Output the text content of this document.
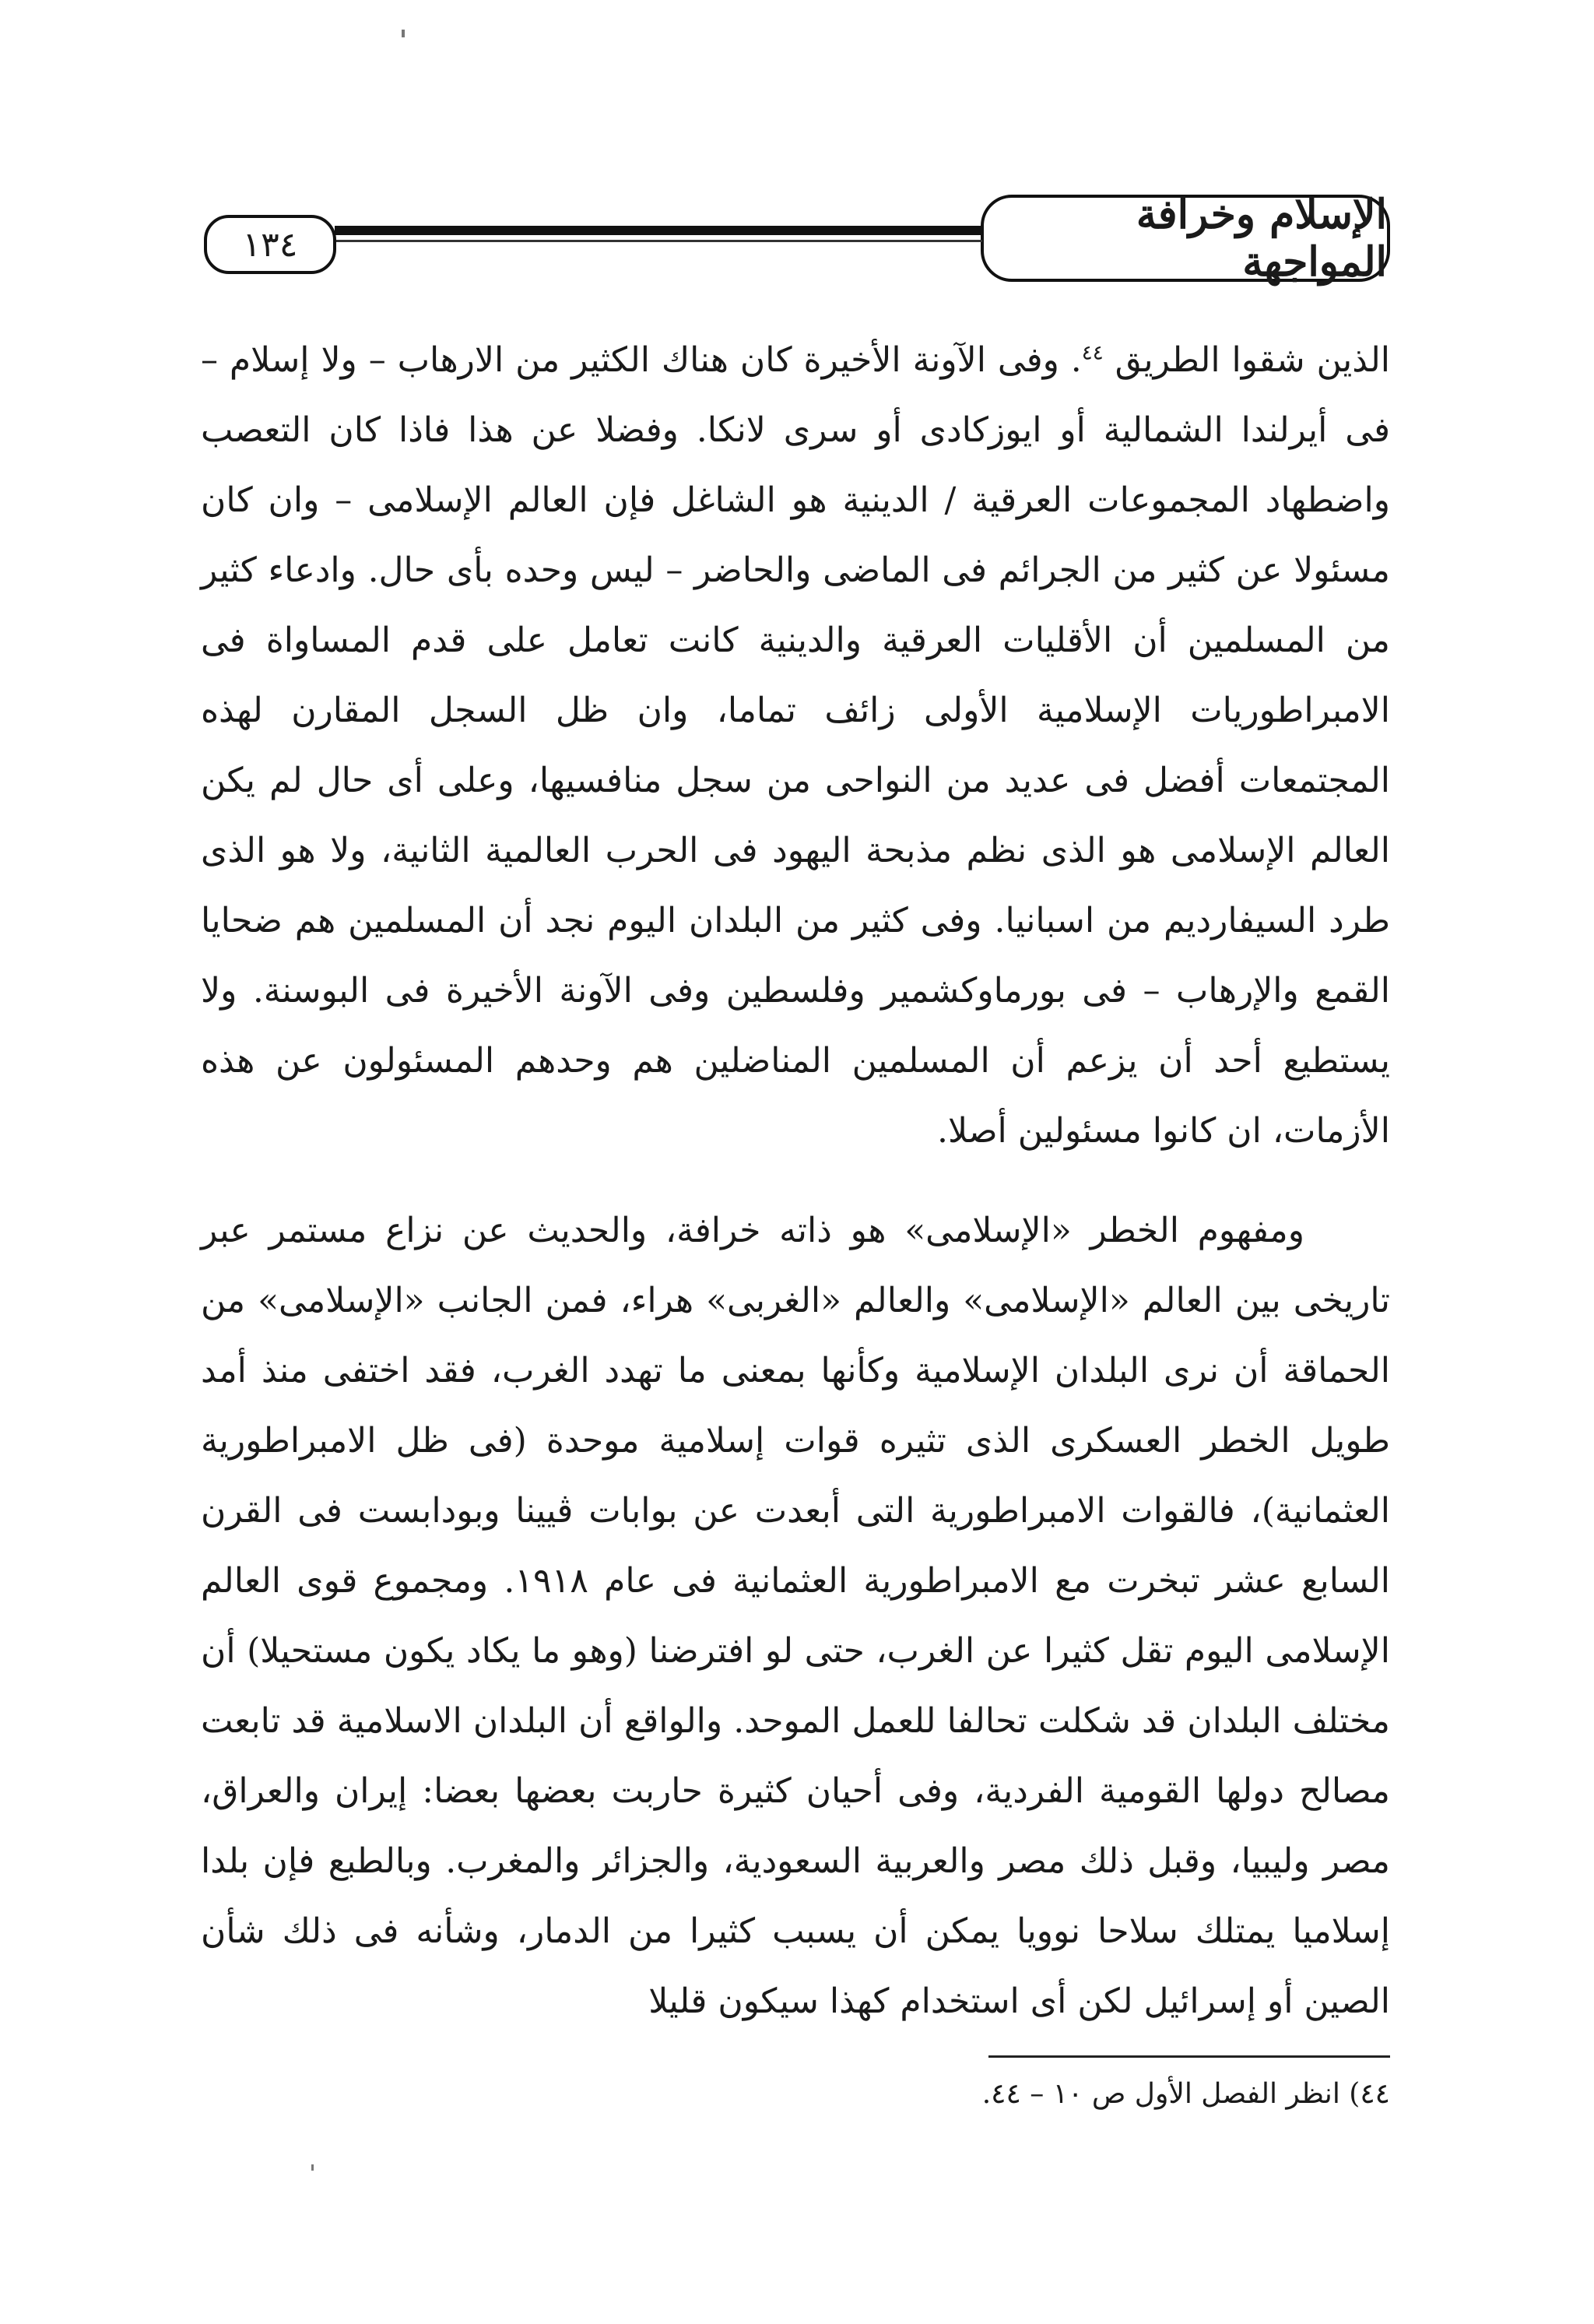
الإسلام وخرافة المواجهة
١٣٤

الذين شقوا الطريق $^{٤٤}$. وفى الآونة الأخيرة كان هناك الكثير من الارهاب – ولا إسلام – فى أيرلندا الشمالية أو ايوزكادى أو سرى لانكا. وفضلا عن هذا فاذا كان التعصب واضطهاد المجموعات العرقية / الدينية هو الشاغل فإن العالم الإسلامى – وان كان مسئولا عن كثير من الجرائم فى الماضى والحاضر – ليس وحده بأى حال. وادعاء كثير من المسلمين أن الأقليات العرقية والدينية كانت تعامل على قدم المساواة فى الامبراطوريات الإسلامية الأولى زائف تماما، وان ظل السجل المقارن لهذه المجتمعات أفضل فى عديد من النواحى من سجل منافسيها، وعلى أى حال لم يكن العالم الإسلامى هو الذى نظم مذبحة اليهود فى الحرب العالمية الثانية، ولا هو الذى طرد السيفارديم من اسبانيا. وفى كثير من البلدان اليوم نجد أن المسلمين هم ضحايا القمع والإرهاب – فى بورماوكشمير وفلسطين وفى الآونة الأخيرة فى البوسنة. ولا يستطيع أحد أن يزعم أن المسلمين المناضلين هم وحدهم المسئولون عن هذه الأزمات، ان كانوا مسئولين أصلا.

ومفهوم الخطر «الإسلامى» هو ذاته خرافة، والحديث عن نزاع مستمر عبر تاريخى بين العالم «الإسلامى» والعالم «الغربى» هراء، فمن الجانب «الإسلامى» من الحماقة أن نرى البلدان الإسلامية وكأنها بمعنى ما تهدد الغرب، فقد اختفى منذ أمد طويل الخطر العسكرى الذى تثيره قوات إسلامية موحدة (فى ظل الامبراطورية العثمانية)، فالقوات الامبراطورية التى أبعدت عن بوابات ڤيينا وبودابست فى القرن السابع عشر تبخرت مع الامبراطورية العثمانية فى عام ١٩١٨. ومجموع قوى العالم الإسلامى اليوم تقل كثيرا عن الغرب، حتى لو افترضنا (وهو ما يكاد يكون مستحيلا) أن مختلف البلدان قد شكلت تحالفا للعمل الموحد. والواقع أن البلدان الاسلامية قد تابعت مصالح دولها القومية الفردية، وفى أحيان كثيرة حاربت بعضها بعضا: إيران والعراق، مصر وليبيا، وقبل ذلك مصر والعربية السعودية، والجزائر والمغرب. وبالطبع فإن بلدا إسلاميا يمتلك سلاحا نوويا يمكن أن يسبب كثيرا من الدمار، وشأنه فى ذلك شأن الصين أو إسرائيل لكن أى استخدام كهذا سيكون قليلا

٤٤) انظر الفصل الأول ص ١٠ – ٤٤.
